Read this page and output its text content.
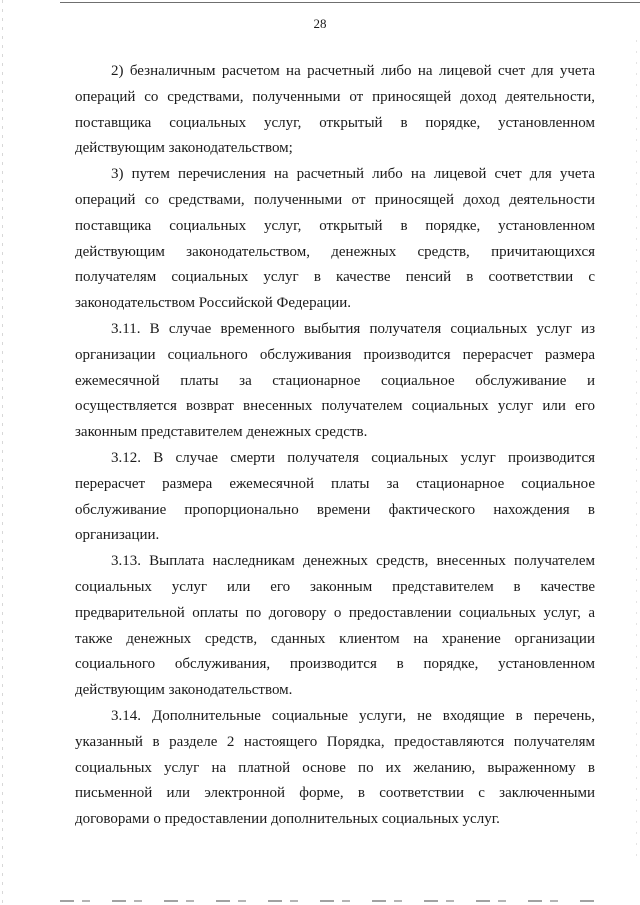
28

2) безналичным расчетом на расчетный либо на лицевой счет для учета операций со средствами, полученными от приносящей доход деятельности, поставщика социальных услуг, открытый в порядке, установленном действующим законодательством;

3) путем перечисления на расчетный либо на лицевой счет для учета операций со средствами, полученными от приносящей доход деятельности поставщика социальных услуг, открытый в порядке, установленном действующим законодательством, денежных средств, причитающихся получателям социальных услуг в качестве пенсий в соответствии с законодательством Российской Федерации.

3.11. В случае временного выбытия получателя социальных услуг из организации социального обслуживания производится перерасчет размера ежемесячной платы за стационарное социальное обслуживание и осуществляется возврат внесенных получателем социальных услуг или его законным представителем денежных средств.

3.12. В случае смерти получателя социальных услуг производится перерасчет размера ежемесячной платы за стационарное социальное обслуживание пропорционально времени фактического нахождения в организации.

3.13. Выплата наследникам денежных средств, внесенных получателем социальных услуг или его законным представителем в качестве предварительной оплаты по договору о предоставлении социальных услуг, а также денежных средств, сданных клиентом на хранение организации социального обслуживания, производится в порядке, установленном действующим законодательством.

3.14. Дополнительные социальные услуги, не входящие в перечень, указанный в разделе 2 настоящего Порядка, предоставляются получателям социальных услуг на платной основе по их желанию, выраженному в письменной или электронной форме, в соответствии с заключенными договорами о предоставлении дополнительных социальных услуг.
